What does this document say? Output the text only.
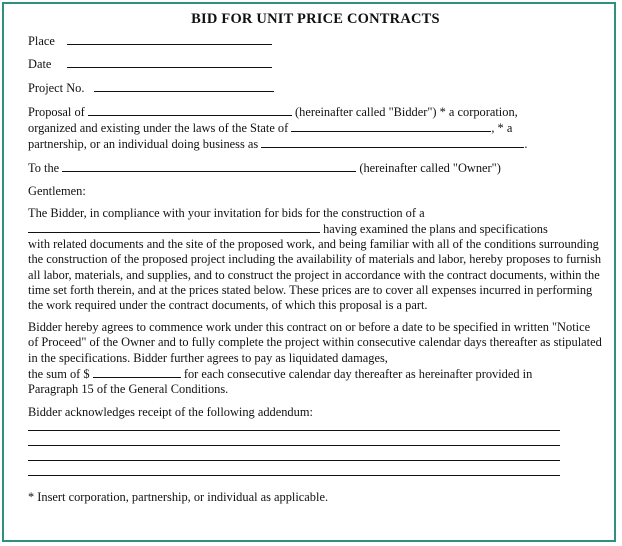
BID FOR UNIT PRICE CONTRACTS
Place
Date
Project No.

Proposal of	(hereinafter called "Bidder") * a corporation,
organized and existing under the laws of the State of	, * a
partnership, or an individual doing business as	.

To the	(hereinafter called "Owner")

Gentlemen:

The Bidder, in compliance with your invitation for bids for the construction of a
having examined the plans and specifications
with related documents and the site of the proposed work, and being familiar with all of the conditions surrounding the construction of the proposed project including the availability of materials and labor, hereby proposes to furnish all labor, materials, and supplies, and to construct the project in accordance with the contract documents, within the time set forth therein, and at the prices stated below. These prices are to cover all expenses incurred in performing the work required under the contract documents, of which this proposal is a part.

Bidder hereby agrees to commence work under this contract on or before a date to be specified in written "Notice of Proceed" of the Owner and to fully complete the project within consecutive calendar days thereafter as stipulated in the specifications. Bidder further agrees to pay as liquidated damages,
the sum of $	for each consecutive calendar day thereafter as hereinafter provided in
Paragraph 15 of the General Conditions.

Bidder acknowledges receipt of the following addendum:

* Insert corporation, partnership, or individual as applicable.
